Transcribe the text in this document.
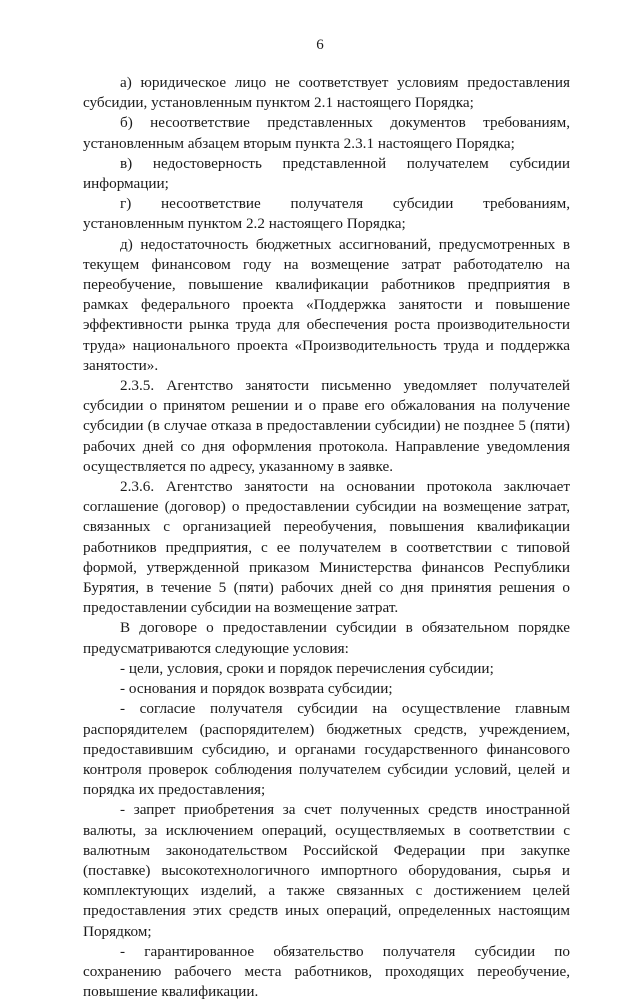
6

а) юридическое лицо не соответствует условиям предоставления субсидии, установленным пунктом 2.1 настоящего Порядка;

б) несоответствие представленных документов требованиям, установленным абзацем вторым пункта 2.3.1 настоящего Порядка;

в) недостоверность представленной получателем субсидии информации;

г) несоответствие получателя субсидии требованиям, установленным пунктом 2.2 настоящего Порядка;

д) недостаточность бюджетных ассигнований, предусмотренных в текущем финансовом году на возмещение затрат работодателю на переобучение, повышение квалификации работников предприятия в рамках федерального проекта «Поддержка занятости и повышение эффективности рынка труда для обеспечения роста производительности труда» национального проекта «Производительность труда и поддержка занятости».

2.3.5. Агентство занятости письменно уведомляет получателей субсидии о принятом решении и о праве его обжалования на получение субсидии (в случае отказа в предоставлении субсидии) не позднее 5 (пяти) рабочих дней со дня оформления протокола. Направление уведомления осуществляется по адресу, указанному в заявке.

2.3.6. Агентство занятости на основании протокола заключает соглашение (договор) о предоставлении субсидии на возмещение затрат, связанных с организацией переобучения, повышения квалификации работников предприятия, с ее получателем в соответствии с типовой формой, утвержденной приказом Министерства финансов Республики Бурятия, в течение 5 (пяти) рабочих дней со дня принятия решения о предоставлении субсидии на возмещение затрат.

В договоре о предоставлении субсидии в обязательном порядке предусматриваются следующие условия:

- цели, условия, сроки и порядок перечисления субсидии;

- основания и порядок возврата субсидии;

- согласие получателя субсидии на осуществление главным распорядителем (распорядителем) бюджетных средств, учреждением, предоставившим субсидию, и органами государственного финансового контроля проверок соблюдения получателем субсидии условий, целей и порядка их предоставления;

- запрет приобретения за счет полученных средств иностранной валюты, за исключением операций, осуществляемых в соответствии с валютным законодательством Российской Федерации при закупке (поставке) высокотехнологичного импортного оборудования, сырья и комплектующих изделий, а также связанных с достижением целей предоставления этих средств иных операций, определенных настоящим Порядком;

- гарантированное обязательство получателя субсидии по сохранению рабочего места работников, проходящих переобучение, повышение квалификации.
